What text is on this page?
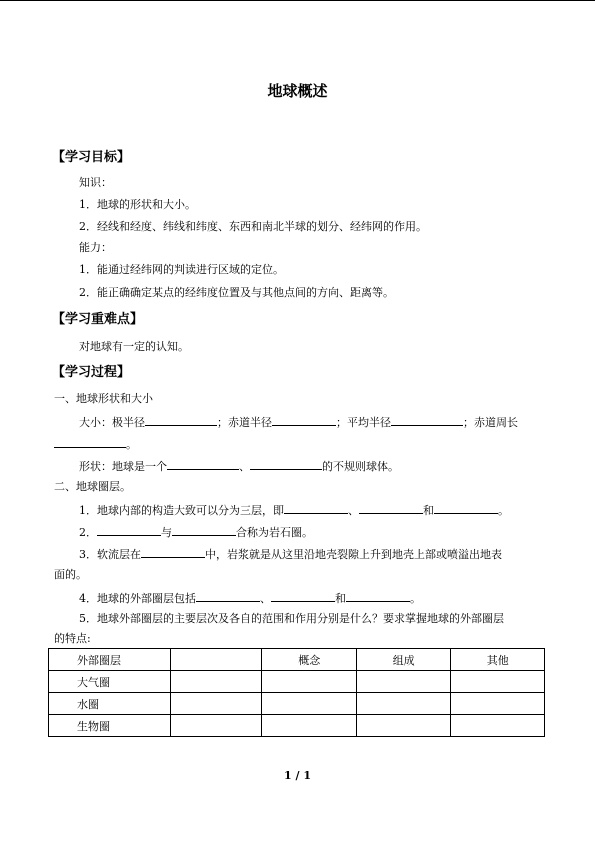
地球概述
【学习目标】
知识：
1．地球的形状和大小。
2．经线和经度、纬线和纬度、东西和南北半球的划分、经纬网的作用。
能力：
1．能通过经纬网的判读进行区域的定位。
2．能正确确定某点的经纬度位置及与其他点间的方向、距离等。
【学习重难点】
对地球有一定的认知。
【学习过程】
一、地球形状和大小
大小：极半径	；赤道半径	；平均半径	；赤道周长
。
形状：地球是一个	、	的不规则球体。
二、地球圈层。
1．地球内部的构造大致可以分为三层，即	、	和	。
2．	与	合称为岩石圈。
3．软流层在	中，岩浆就是从这里沿地壳裂隙上升到地壳上部或喷溢出地表
面的。
4．地球的外部圈层包括	、	和	。
5．地球外部圈层的主要层次及各自的范围和作用分别是什么？要求掌握地球的外部圈层
的特点:
外部圈层		概念	组成	其他
大气圈				
水圈				
生物圈				
1 / 1
